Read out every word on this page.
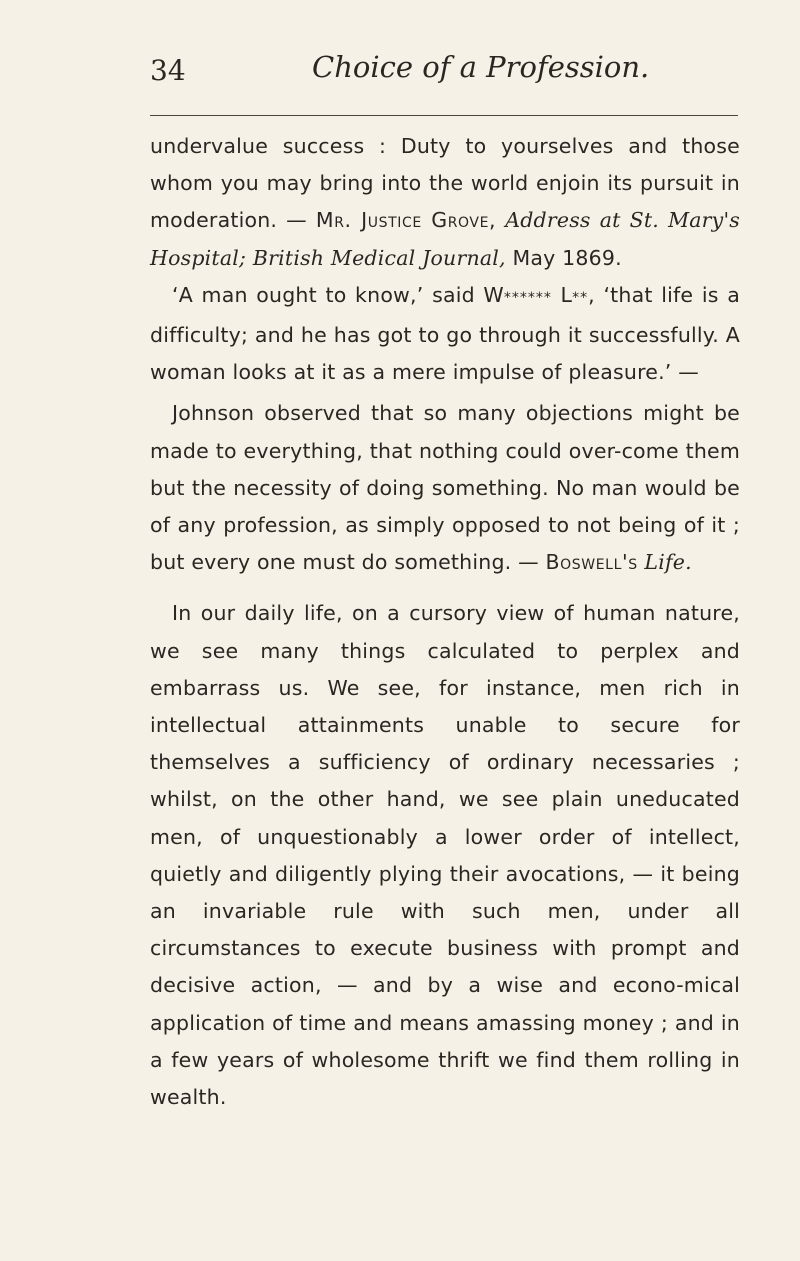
34	Choice of a Profession.

undervalue success : Duty to yourselves and those whom you may bring into the world enjoin its pursuit in moderation. — Mr. Justice Grove, Address at St. Mary's Hospital; British Medical Journal, May 1869.

‘A man ought to know,’ said W****** L**, ‘that life is a difficulty; and he has got to go through it successfully. A woman looks at it as a mere impulse of pleasure.’ —

Johnson observed that so many objections might be made to everything, that nothing could over-come them but the necessity of doing something. No man would be of any profession, as simply opposed to not being of it ; but every one must do something. — Boswell's Life.

In our daily life, on a cursory view of human nature, we see many things calculated to perplex and embarrass us. We see, for instance, men rich in intellectual attainments unable to secure for themselves a sufficiency of ordinary necessaries ; whilst, on the other hand, we see plain uneducated men, of unquestionably a lower order of intellect, quietly and diligently plying their avocations, — it being an invariable rule with such men, under all circumstances to execute business with prompt and decisive action, — and by a wise and econo-mical application of time and means amassing money ; and in a few years of wholesome thrift we find them rolling in wealth.
